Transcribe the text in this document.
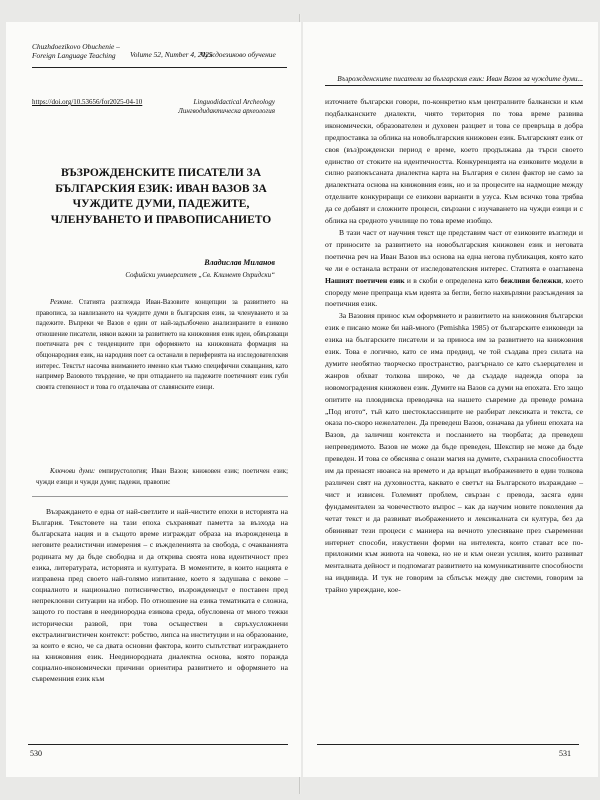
Chuzhdoezikovo Obuchenie – Foreign Language Teaching	Volume 52, Number 4, 2025
Чуждоезиково обучение
https://doi.org/10.53656/for2025-04-10	Linguodidactical Archeology
Лингводидактическа археология
ВЪЗРОЖДЕНСКИТЕ ПИСАТЕЛИ ЗА БЪЛГАРСКИЯ ЕЗИК: ИВАН ВАЗОВ ЗА ЧУЖДИТЕ ДУМИ, ПАДЕЖИТЕ, ЧЛЕНУВАНЕТО И ПРАВОПИСАНИЕТО
Владислав Миланов
Софийски университет „Св. Климент Охридски“
Резюме. Статията разглежда Иван-Вазовите концепции за развитието на правописа, за навлизането на чуждите думи в българския език, за членуването и за падежите. Въпреки че Вазов е един от най-задълбочено анализираните в езиково отношение писатели, някои важни за развитието на книжовния език идеи, обвързващи поетичната реч с тенденциите при оформянето на книжовната формация на общонародния език, на народния поет са останали в периферията на изследователския интерес. Текстът насочва вниманието именно към тъкмо специфични схващания, като например Вазовото твърдение, че при отпадането на падежите поетичният език губи своята степенност и това го отдалечава от славянските езици.
Ключови думи: емпирустология; Иван Вазов; книжовен език; поетичен език; чужди езици и чужди думи; падежи, правопис
Възраждането е една от най-светлите и най-чистите епохи в историята на България. Текстовете на тази епоха съхраняват паметта за възхода на българската нация и в същото време изграждат образа на възрожденеца в неговите реалистични измерения – с въжделенията за свобода, с очакванията родината му да бъде свободна и да открива своята нова идентичност през езика, литературата, историята и културата. В моментите, в които нацията е изправена пред своето най-голямо изпитание, което я задушава с векове – социалното и национално потисничество, възрожденецът е поставен пред непреклонни ситуации на избор. По отношение на езика тематиката е сложна, защото го поставя в неединородна езикова среда, обусловена от много тежки исторически развой, при това осъществен в свръхусложнени екстралингвистичен контекст: робство, липса на институции и на образование, за които е ясно, че са двата основни фактора, които съпътстват изграждането на книжовния език. Неединородната диалектна основа, която поражда социално-икономически причини ориентира развитието и оформянето на съвременния език към
530
Възрожденските писатели за българския език: Иван Вазов за чуждите думи...

източните български говори, по-конкретно към централните балкански и към подбалканските диалекти, чиято територия по това време развива икономически, образователен и духовен разцвет и това се превръща в добра предпоставка за облика на новобългарския книжовен език. Българският език от своя (въз)рожденски период е време, което продължава да търси своето единство от стоките на идентичността. Конкуренцията на езиковите модели в силно разпокъсаната диалектна карта на България е силен фактор не само за диалектната основа на книжовния език, но и за процесите на надмощие между отделните конкуриращи се езикови варианти в узуса. Към всичко това трябва да се добавят и сложните процеси, свързани с изучаването на чужди езици и с облика на средното училище по това време изобщо.

В тази част от научния текст ще представим част от езиковите възгледи и от приносите за развитието на новобългарския книжовен език и неговата поетична реч на Иван Вазов въз основа на една негова публикация, която като че ли е останала встрани от изследователския интерес. Статията е озаглавена Нашият поетичен език и в скоби е определена като бежливи бележки, което спореду мене препраща към идеята за бегли, бегло нахвърляни разсъждения за поетичния език.

За Вазовия принос към оформянето и развитието на книжовния български език е писано може би най-много (Pemishka 1985) от българските езиковеди за езика на българските писатели и за приноса им за развитието на книжовния език. Това е логично, като се има предвид, че той създава през силата на думите необятно творческо пространство, разгърнало се като съзерцателен и жанров обхват толкова широко, че да създаде надежда опора за новомоградения книжовен език. Думите на Вазов са думи на епохата. Ето защо опитите на пловдивска преводачка на нашето съвремие да преведе романа „Под игото“, тъй като шестоклассниците не разбират лексиката и текста, се оказа по-скоро нежелателен. Да преведеш Вазов, означава да убиеш епохата на Вазов, да заличиш контекста и посланието на творбата; да преведеш непреведимото. Вазов не може да бъде преведен, Шекспир не може да бъде преведен. И това се обяснява с онази магия на думите, съхранила способността им да пренасят нюанса на времето и да връщат въображението в един толкова различен свят на духовността, каквато е светът на Българското възраждане – чист и извисен. Големият проблем, свързан с превода, засяга един фундаментален за човечеството въпрос – как да научим новите поколения да четат текст и да развиват въображението и лексикалната си култура, без да обвиняват тези процеси с маниера на вечното улесняване през съвременни интернет способи, изкуствени форми на интелекта, които стават все по-приложими към живота на човека, но не и към онези усилия, които развиват менталната дейност и подпомагат развитието на комуникативните способности на индивида. И тук не говорим за сблъсък между две системи, говорим за трайно увреждане, кое-

531
